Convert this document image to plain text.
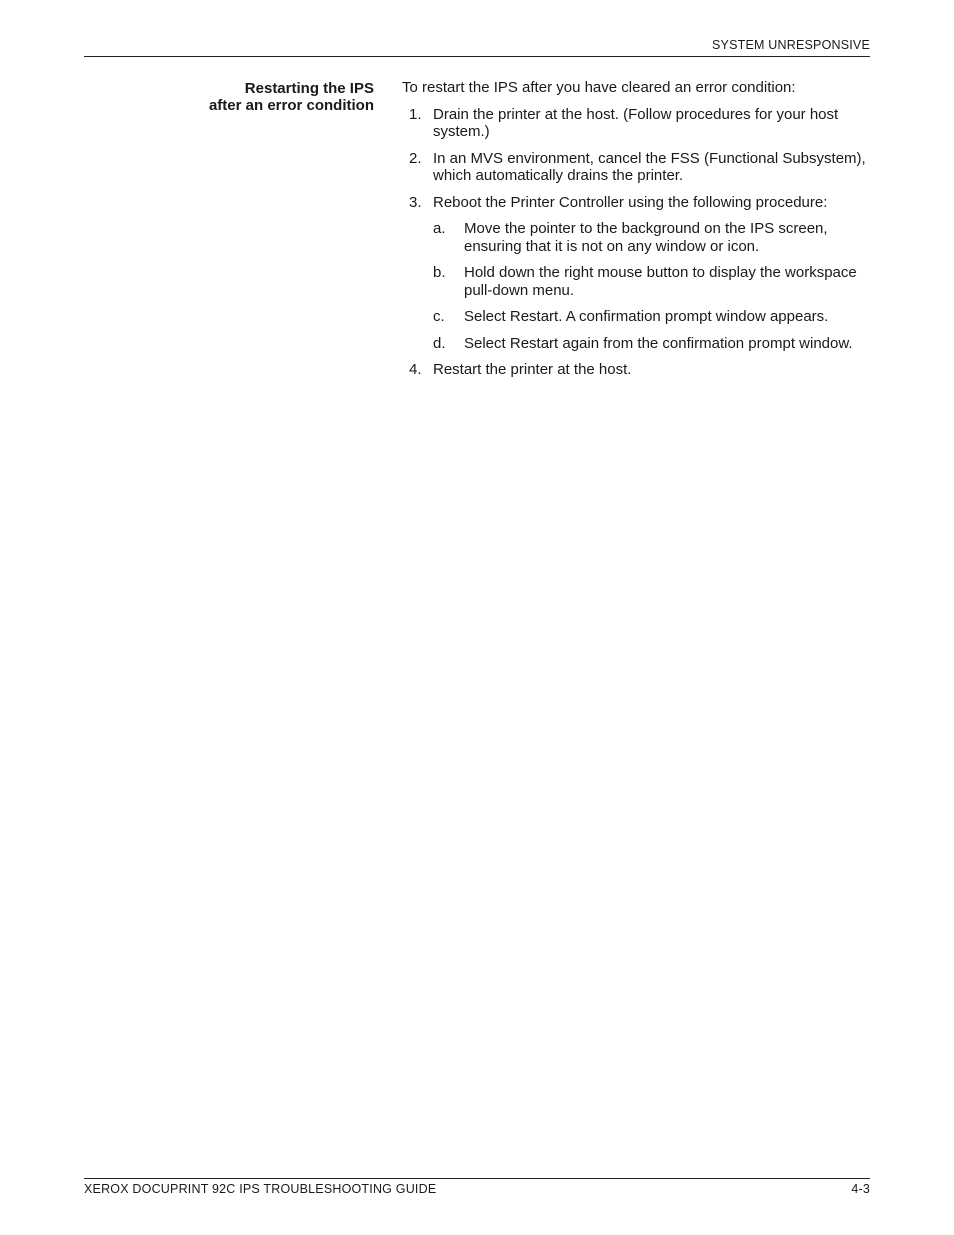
SYSTEM UNRESPONSIVE
Restarting the IPS
after an error condition

To restart the IPS after you have cleared an error condition:

1. Drain the printer at the host. (Follow procedures for your host system.)
2. In an MVS environment, cancel the FSS (Functional Subsystem), which automatically drains the printer.
3. Reboot the Printer Controller using the following procedure:
a. Move the pointer to the background on the IPS screen, ensuring that it is not on any window or icon.
b. Hold down the right mouse button to display the workspace pull-down menu.
c. Select Restart. A confirmation prompt window appears.
d. Select Restart again from the confirmation prompt window.
4. Restart the printer at the host.
XEROX DOCUPRINT 92C IPS TROUBLESHOOTING GUIDE	4-3
